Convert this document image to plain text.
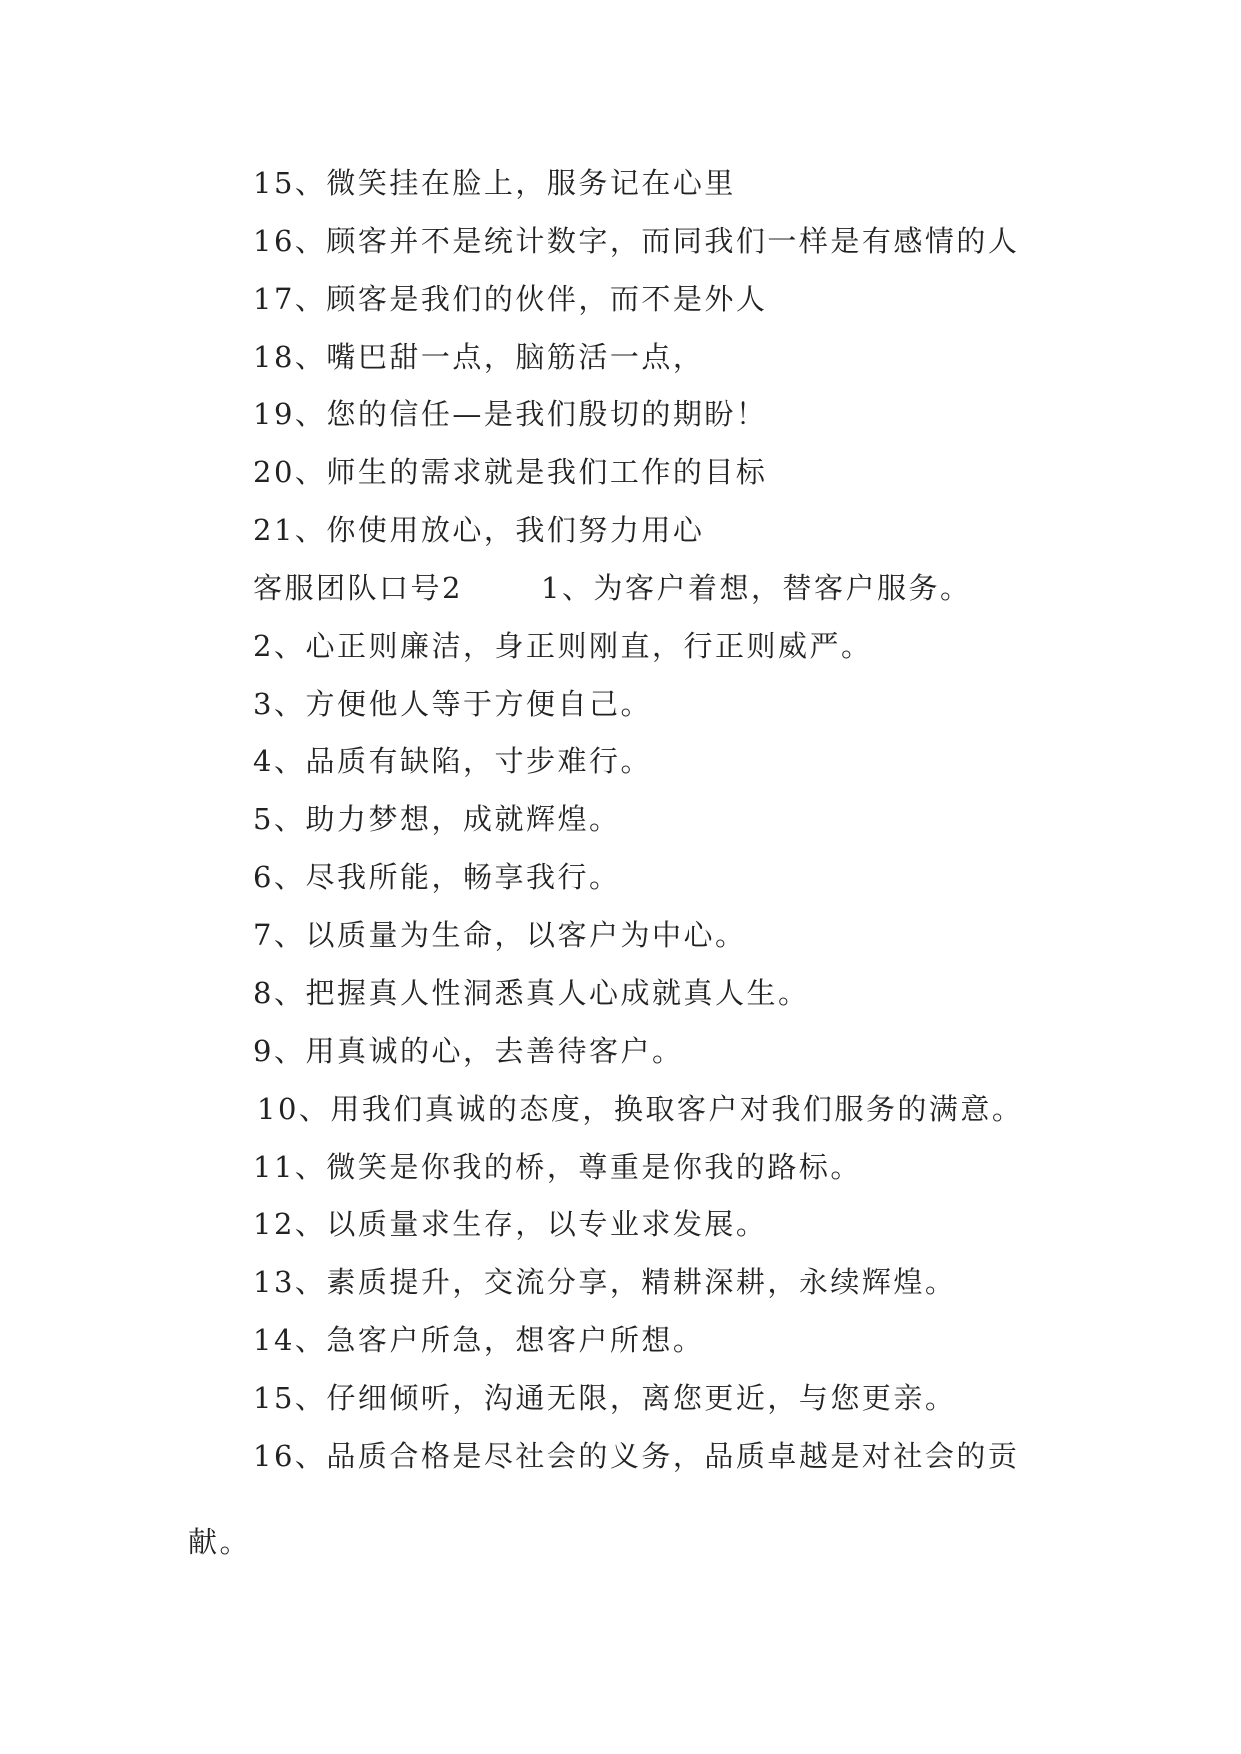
15、微笑挂在脸上，服务记在心里
16、顾客并不是统计数字，而同我们一样是有感情的人
17、顾客是我们的伙伴，而不是外人
18、嘴巴甜一点，脑筋活一点，
19、您的信任—是我们殷切的期盼！
20、师生的需求就是我们工作的目标
21、你使用放心，我们努力用心
客服团队口号2	1、为客户着想，替客户服务。
2、心正则廉洁，身正则刚直，行正则威严。
3、方便他人等于方便自己。
4、品质有缺陷，寸步难行。
5、助力梦想，成就辉煌。
6、尽我所能，畅享我行。
7、以质量为生命，以客户为中心。
8、把握真人性洞悉真人心成就真人生。
9、用真诚的心，去善待客户。
10、用我们真诚的态度，换取客户对我们服务的满意。
11、微笑是你我的桥，尊重是你我的路标。
12、以质量求生存，以专业求发展。
13、素质提升，交流分享，精耕深耕，永续辉煌。
14、急客户所急，想客户所想。
15、仔细倾听，沟通无限，离您更近，与您更亲。
16、品质合格是尽社会的义务，品质卓越是对社会的贡
献。
